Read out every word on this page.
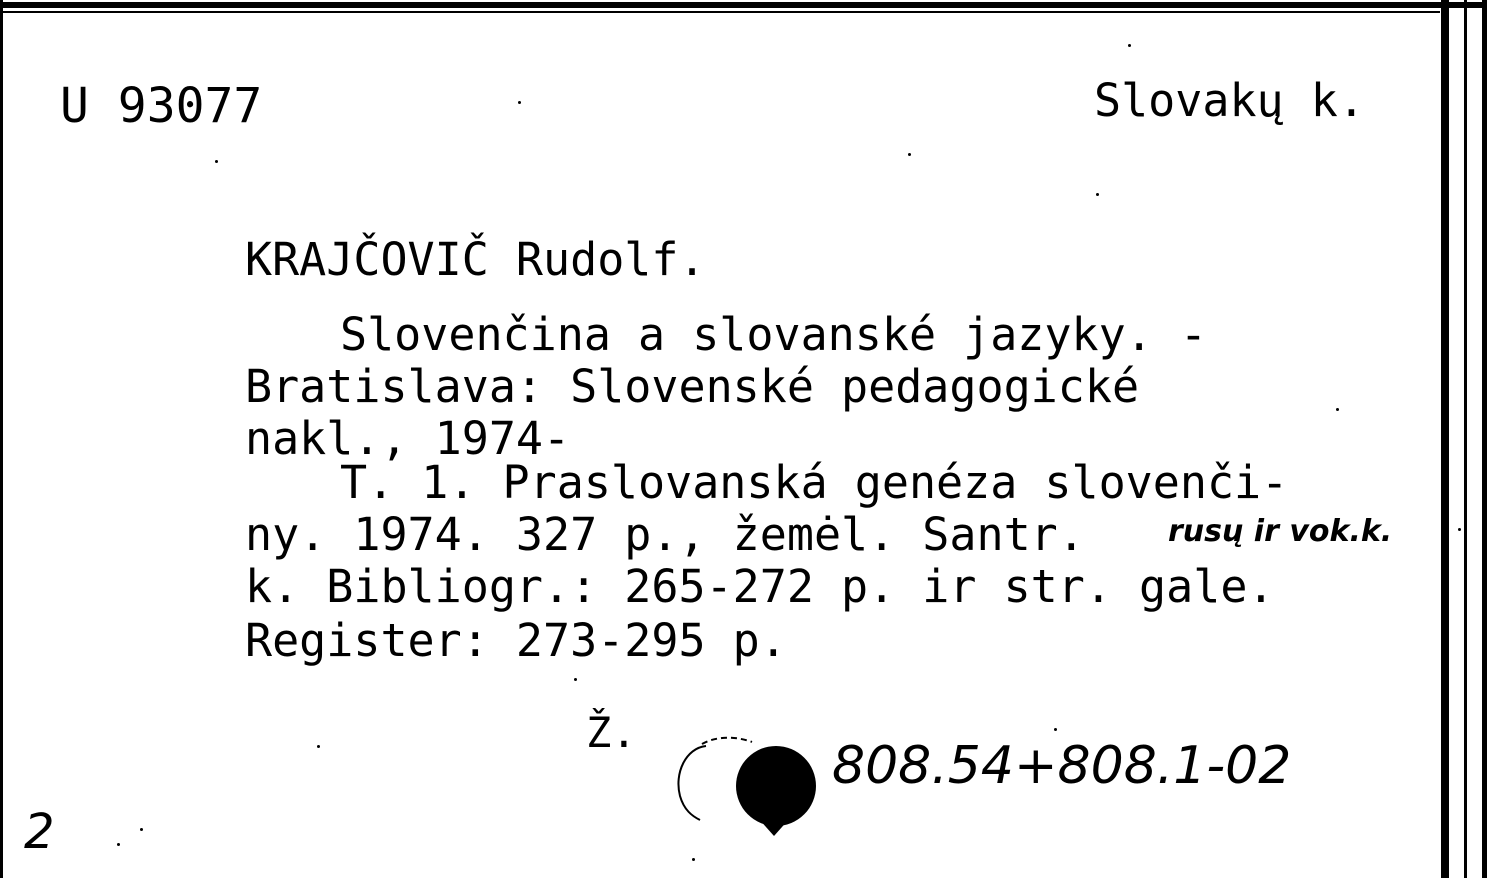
U 93077	Slovakų k.
KRAJČOVIČ Rudolf.
Slovenčina a slovanské jazyky. -
Bratislava: Slovenské pedagogické
nakl., 1974-
T. 1. Praslovanská genéza slovenči-
ny. 1974. 327 p., žemėl. Santr.	rusų ir vok.k.
k. Bibliogr.: 265-272 p. ir str. gale.
Register: 273-295 p.
Ž.
808.54+808.1-02
2
